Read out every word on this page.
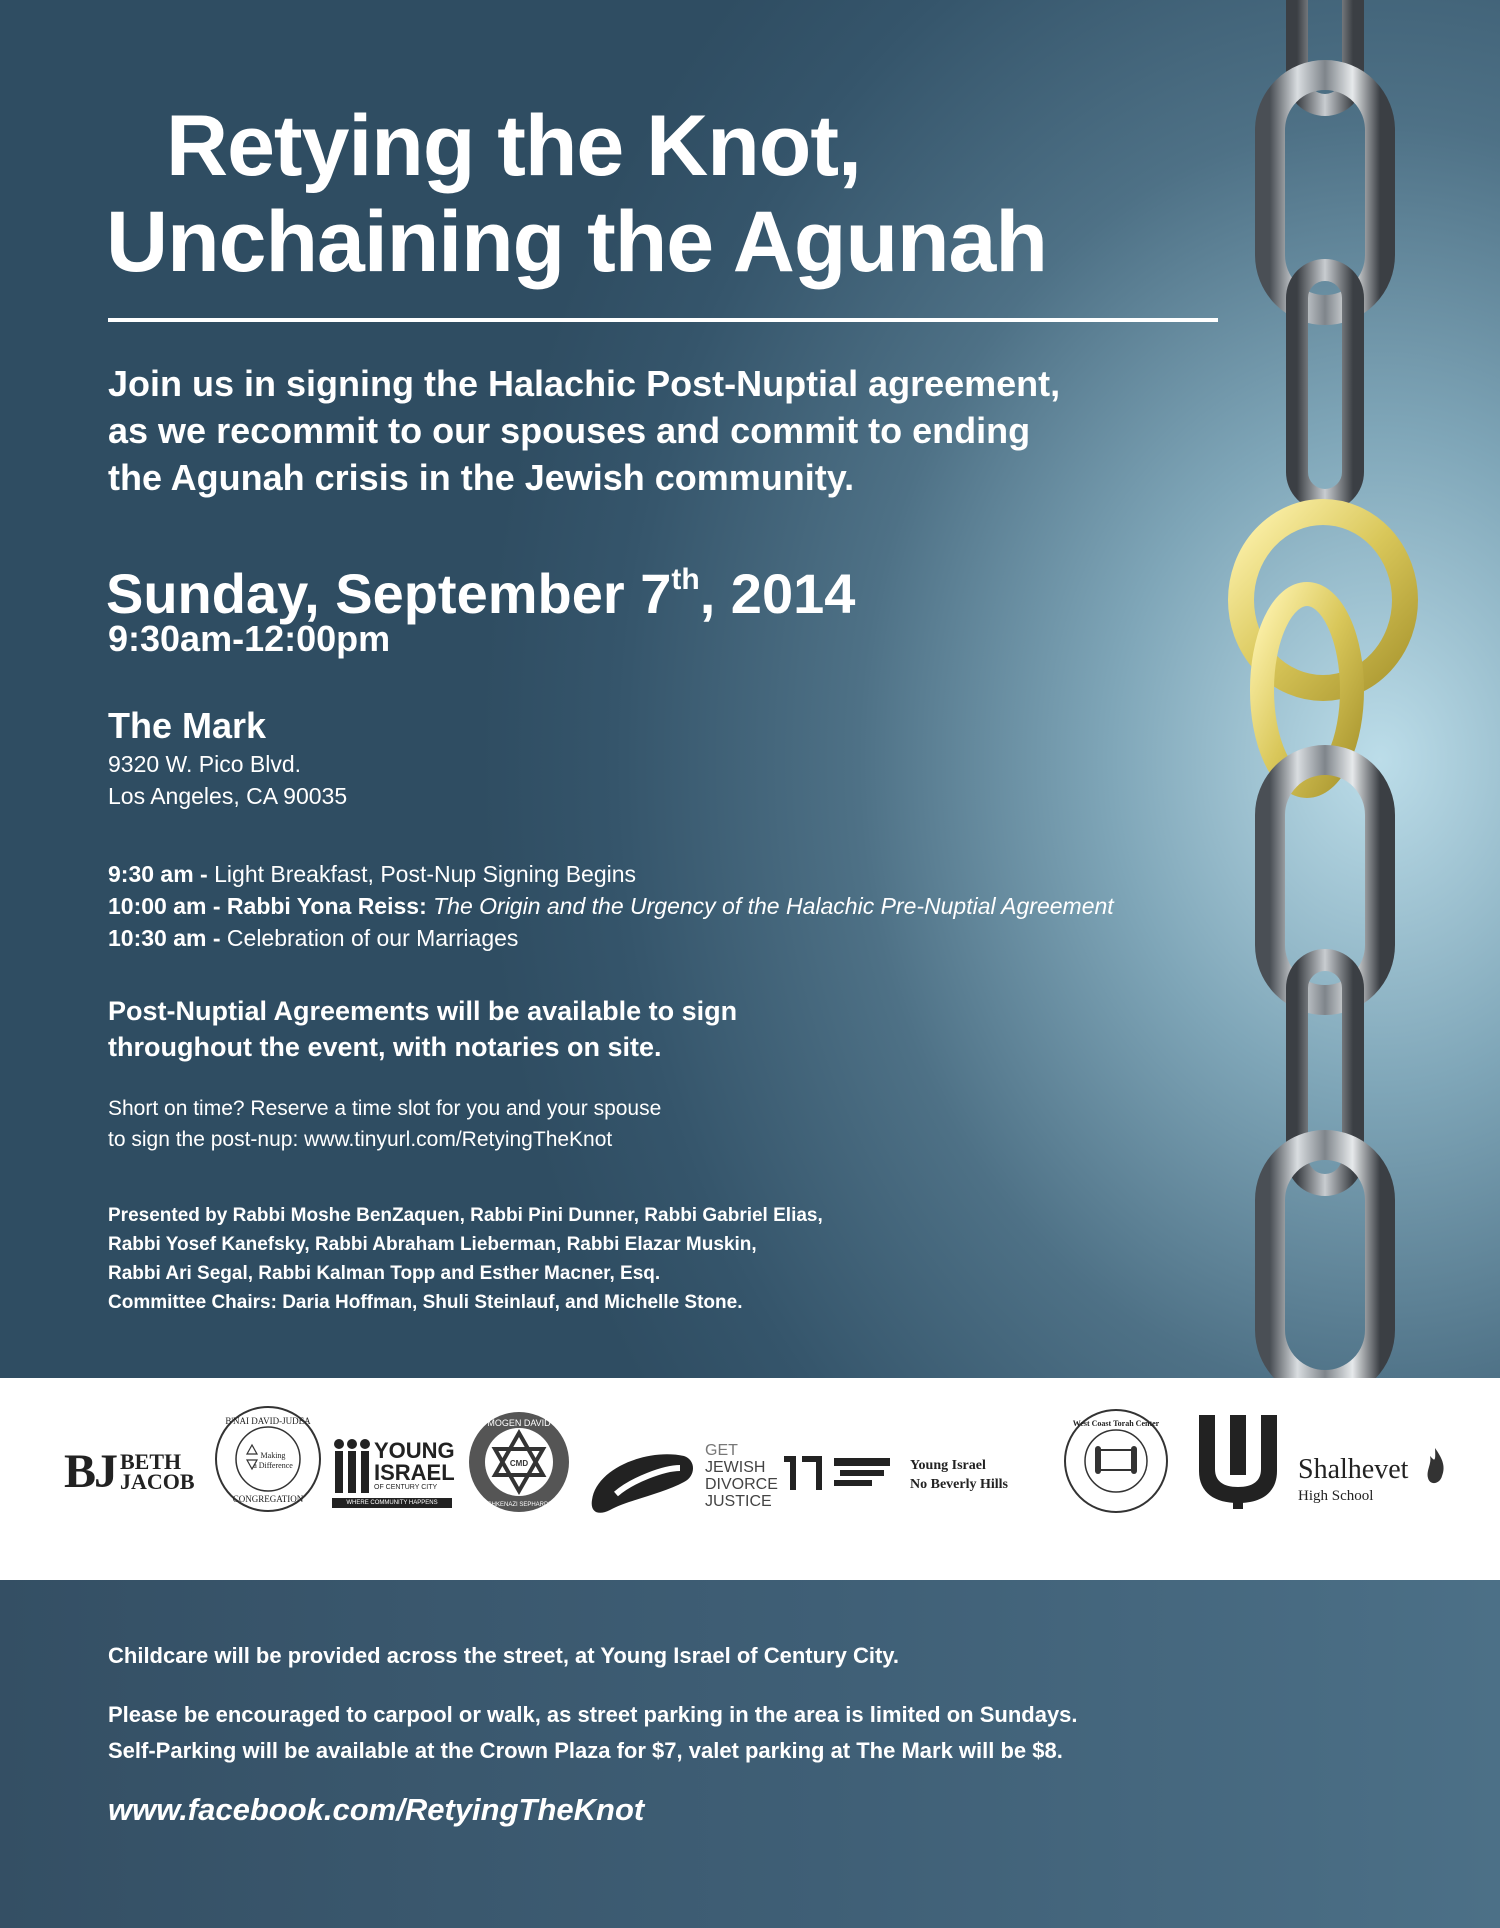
Retying the Knot,
Unchaining the Agunah

Join us in signing the Halachic Post-Nuptial agreement,
as we recommit to our spouses and commit to ending
the Agunah crisis in the Jewish community.

Sunday, September 7th, 2014
9:30am-12:00pm
The Mark
9320 W. Pico Blvd.
Los Angeles, CA 90035
9:30 am - Light Breakfast, Post-Nup Signing Begins
10:00 am - Rabbi Yona Reiss: The Origin and the Urgency of the Halachic Pre-Nuptial Agreement
10:30 am - Celebration of our Marriages
Post-Nuptial Agreements will be available to sign
throughout the event, with notaries on site.
Short on time? Reserve a time slot for you and your spouse
to sign the post-nup: www.tinyurl.com/RetyingTheKnot
Presented by Rabbi Moshe BenZaquen, Rabbi Pini Dunner, Rabbi Gabriel Elias,
Rabbi Yosef Kanefsky, Rabbi Abraham Lieberman, Rabbi Elazar Muskin,
Rabbi Ari Segal, Rabbi Kalman Topp and Esther Macner, Esq.
Committee Chairs: Daria Hoffman, Shuli Steinlauf, and Michelle Stone.
BJ BETH
JACOB
B'NAI DAVID-JUDEA
CONGREGATION
Making
a Difference
YOUNG
ISRAEL
OF CENTURY CITY
WHERE COMMUNITY HAPPENS
MOGEN DAVID
ASHKENAZI SEPHARDIC
CMD
GET
JEWISH
DIVORCE
JUSTICE
Young Israel
No Beverly Hills
West Coast Torah Center
Shalhevet
High School
Childcare will be provided across the street, at Young Israel of Century City.
Please be encouraged to carpool or walk, as street parking in the area is limited on Sundays.
Self-Parking will be available at the Crown Plaza for $7, valet parking at The Mark will be $8.
www.facebook.com/RetyingTheKnot
